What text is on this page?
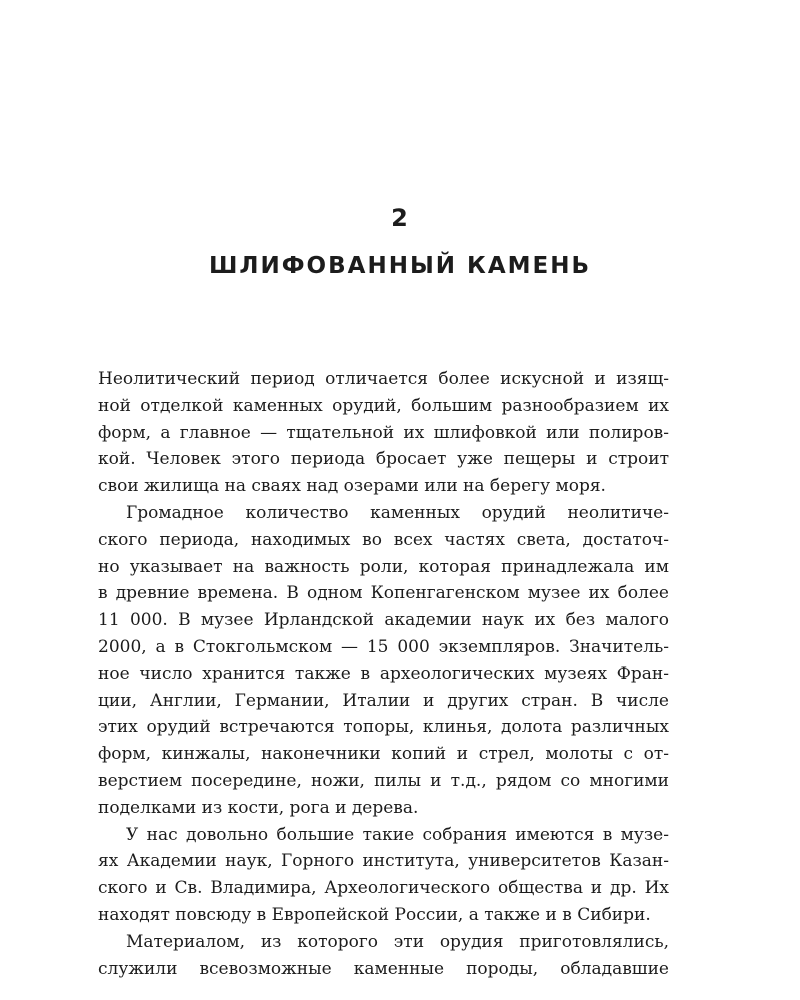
2
ШЛИФОВАННЫЙ КАМЕНЬ
Неолитический период отличается более искусной и изящ-
ной отделкой каменных орудий, большим разнообразием их
форм, а главное — тщательной их шлифовкой или полиров-
кой. Человек этого периода бросает уже пещеры и строит
свои жилища на сваях над озерами или на берегу моря.
Громадное количество каменных орудий неолитиче-
ского периода, находимых во всех частях света, достаточ-
но указывает на важность роли, которая принадлежала им
в древние времена. В одном Копенгагенском музее их более
11 000. В музее Ирландской академии наук их без малого
2000, а в Стокгольмском — 15 000 экземпляров. Значитель-
ное число хранится также в археологических музеях Фран-
ции, Англии, Германии, Италии и других стран. В числе
этих орудий встречаются топоры, клинья, долота различных
форм, кинжалы, наконечники копий и стрел, молоты с от-
верстием посередине, ножи, пилы и т.д., рядом со многими
поделками из кости, рога и дерева.
У нас довольно большие такие собрания имеются в музе-
ях Академии наук, Горного института, университетов Казан-
ского и Св. Владимира, Археологического общества и др. Их
находят повсюду в Европейской России, а также и в Сибири.
Материалом, из которого эти орудия приготовлялись,
служили всевозможные каменные породы, обладавшие
